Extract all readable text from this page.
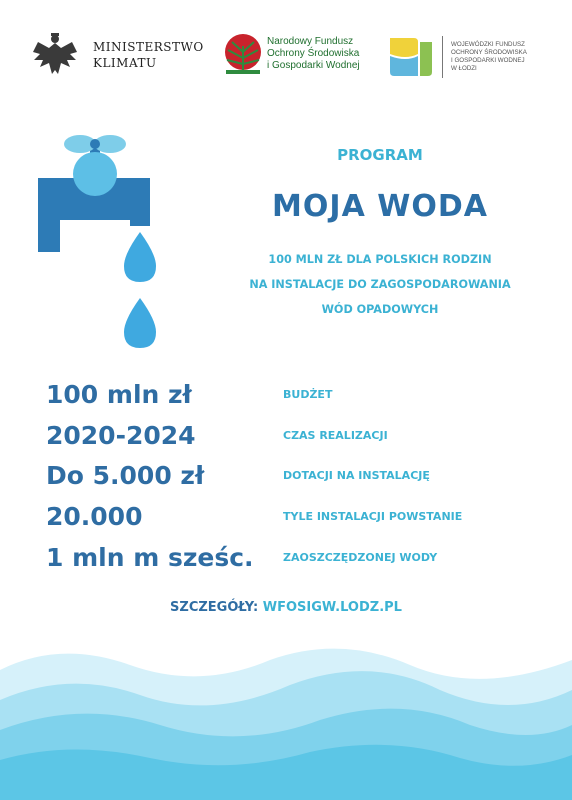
MINISTERSTWO
KLIMATU
Narodowy Fundusz
Ochrony Środowiska
i Gospodarki Wodnej
WOJEWÓDZKI FUNDUSZ
OCHRONY ŚRODOWISKA
I GOSPODARKI WODNEJ
W ŁODZI
PROGRAM
MOJA WODA
100 MLN ZŁ DLA POLSKICH RODZIN
NA INSTALACJE DO ZAGOSPODAROWANIA
WÓD OPADOWYCH
100 mln zł	BUDŻET
2020-2024	CZAS REALIZACJI
Do 5.000 zł	DOTACJI NA INSTALACJĘ
20.000	TYLE INSTALACJI POWSTANIE
1 mln m sześc.	ZAOSZCZĘDZONEJ WODY
SZCZEGÓŁY: WFOSIGW.LODZ.PL
